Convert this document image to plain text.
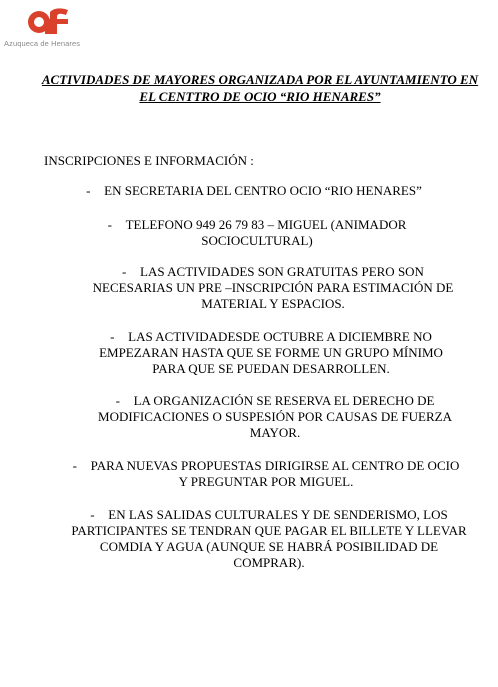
Azuqueca de Henares
ACTIVIDADES DE MAYORES ORGANIZADA POR EL AYUNTAMIENTO EN EL CENTTRO DE OCIO “RIO HENARES”
INSCRIPCIONES E INFORMACIÓN :
- EN SECRETARIA DEL CENTRO OCIO “RIO HENARES”
- TELEFONO 949 26 79 83 – MIGUEL (ANIMADOR SOCIOCULTURAL)
- LAS ACTIVIDADES SON GRATUITAS PERO SON NECESARIAS UN PRE –INSCRIPCIÓN PARA ESTIMACIÓN DE MATERIAL Y ESPACIOS.
- LAS ACTIVIDADESDE OCTUBRE A DICIEMBRE NO EMPEZARAN HASTA QUE SE FORME UN GRUPO MÍNIMO PARA QUE SE PUEDAN DESARROLLEN.
- LA ORGANIZACIÓN SE RESERVA EL DERECHO DE MODIFICACIONES O SUSPESIÓN POR CAUSAS DE FUERZA MAYOR.
- PARA NUEVAS PROPUESTAS DIRIGIRSE AL CENTRO DE OCIO Y PREGUNTAR POR MIGUEL.
- EN LAS SALIDAS CULTURALES Y DE SENDERISMO, LOS PARTICIPANTES SE TENDRAN QUE PAGAR EL BILLETE Y LLEVAR COMDIA Y AGUA (AUNQUE SE HABRÁ POSIBILIDAD DE COMPRAR).
